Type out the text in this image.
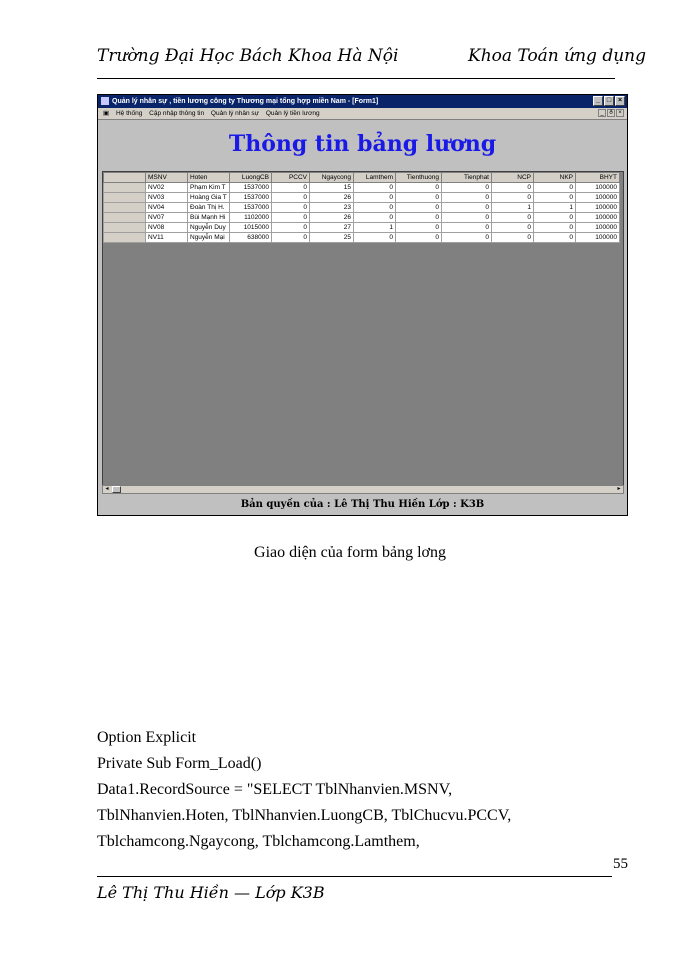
Trường Đại Học Bách Khoa Hà Nội	Khoa Toán ứng dụng
Quản lý nhân sự , tiền lương công ty Thương mại tổng hợp miền Nam - [Form1]	_ □ ×
▣ Hệ thống Cập nhập thông tin Quản lý nhân sự Quản lý tiền lương	_ ð ×
Thông tin bảng lương
	MSNV	Hoten	LuongCB	PCCV	Ngaycong	Lamthem	Tienthuong	Tienphat	NCP	NKP	BHYT
	NV02	Phạm Kim T	1537000	0	15	0	0	0	0	0	100000
	NV03	Hoàng Gia T	1537000	0	26	0	0	0	0	0	100000
	NV04	Đoàn Thị H.	1537000	0	23	0	0	0	1	1	100000
	NV07	Bùi Mạnh Hi	1102000	0	26	0	0	0	0	0	100000
	NV08	Nguyễn Duy	1015000	0	27	1	0	0	0	0	100000
	NV11	Nguyễn Mại	638000	0	25	0	0	0	0	0	100000
◂	▸
Bản quyền của : Lê Thị Thu Hiền Lớp : K3B
Giao diện của form bảng lơng
Option Explicit
Private Sub Form_Load()
Data1.RecordSource = "SELECT TblNhanvien.MSNV,
TblNhanvien.Hoten, TblNhanvien.LuongCB, TblChucvu.PCCV,
Tblchamcong.Ngaycong, Tblchamcong.Lamthem,
55
Lê Thị Thu Hiền — Lớp K3B
